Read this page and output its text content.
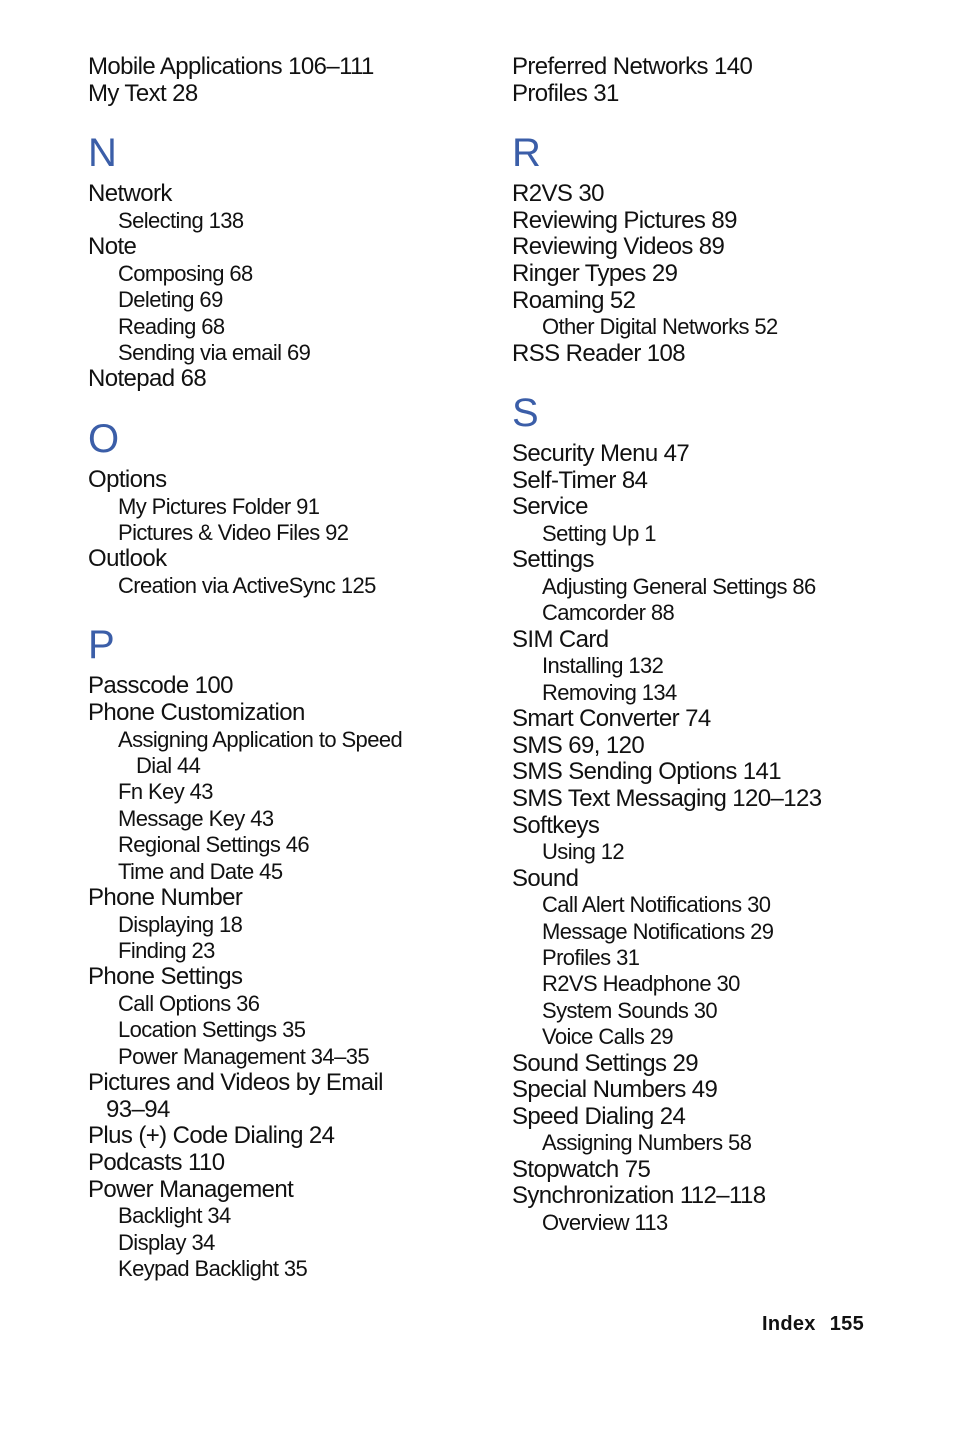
Mobile Applications 106–111
My Text 28
N
Network
Selecting 138
Note
Composing 68
Deleting 69
Reading 68
Sending via email 69
Notepad 68
O
Options
My Pictures Folder 91
Pictures & Video Files 92
Outlook
Creation via ActiveSync 125
P
Passcode 100
Phone Customization
Assigning Application to Speed
Dial 44
Fn Key 43
Message Key 43
Regional Settings 46
Time and Date 45
Phone Number
Displaying 18
Finding 23
Phone Settings
Call Options 36
Location Settings 35
Power Management 34–35
Pictures and Videos by Email
93–94
Plus (+) Code Dialing 24
Podcasts 110
Power Management
Backlight 34
Display 34
Keypad Backlight 35
Preferred Networks 140
Profiles 31
R
R2VS 30
Reviewing Pictures 89
Reviewing Videos 89
Ringer Types 29
Roaming 52
Other Digital Networks 52
RSS Reader 108
S
Security Menu 47
Self-Timer 84
Service
Setting Up 1
Settings
Adjusting General Settings 86
Camcorder 88
SIM Card
Installing 132
Removing 134
Smart Converter 74
SMS 69, 120
SMS Sending Options 141
SMS Text Messaging 120–123
Softkeys
Using 12
Sound
Call Alert Notifications 30
Message Notifications 29
Profiles 31
R2VS Headphone 30
System Sounds 30
Voice Calls 29
Sound Settings 29
Special Numbers 49
Speed Dialing 24
Assigning Numbers 58
Stopwatch 75
Synchronization 112–118
Overview 113
Index 155
